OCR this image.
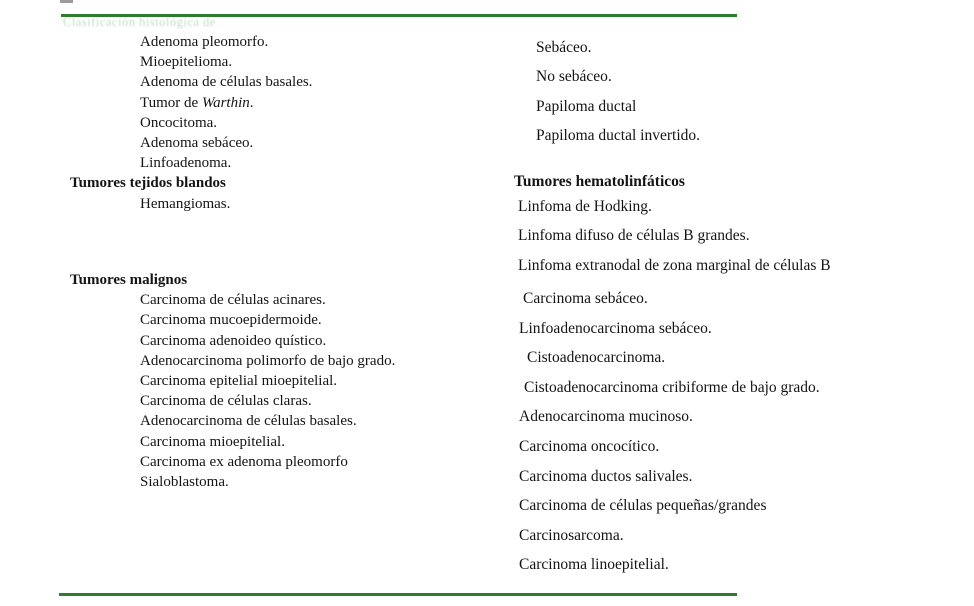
Clasificación histológica de
Adenoma pleomorfo.
Mioepitelioma.
Adenoma de células basales.
Tumor de Warthin.
Oncocitoma.
Adenoma sebáceo.
Linfoadenoma.
Tumores tejidos blandos
Hemangiomas.
Tumores malignos
Carcinoma de células acinares.
Carcinoma mucoepidermoide.
Carcinoma adenoideo quístico.
Adenocarcinoma polimorfo de bajo grado.
Carcinoma epitelial mioepitelial.
Carcinoma de células claras.
Adenocarcinoma de células basales.
Carcinoma mioepitelial.
Carcinoma ex adenoma pleomorfo
Sialoblastoma.
Sebáceo.
No sebáceo.
Papiloma ductal
Papiloma ductal invertido.
Tumores hematolinfáticos
Linfoma de Hodking.
Linfoma difuso de células B grandes.
Linfoma extranodal de zona marginal de células B
Carcinoma sebáceo.
Linfoadenocarcinoma sebáceo.
Cistoadenocarcinoma.
Cistoadenocarcinoma cribiforme de bajo grado.
Adenocarcinoma mucinoso.
Carcinoma oncocítico.
Carcinoma ductos salivales.
Carcinoma de células pequeñas/grandes
Carcinosarcoma.
Carcinoma linoepitelial.
